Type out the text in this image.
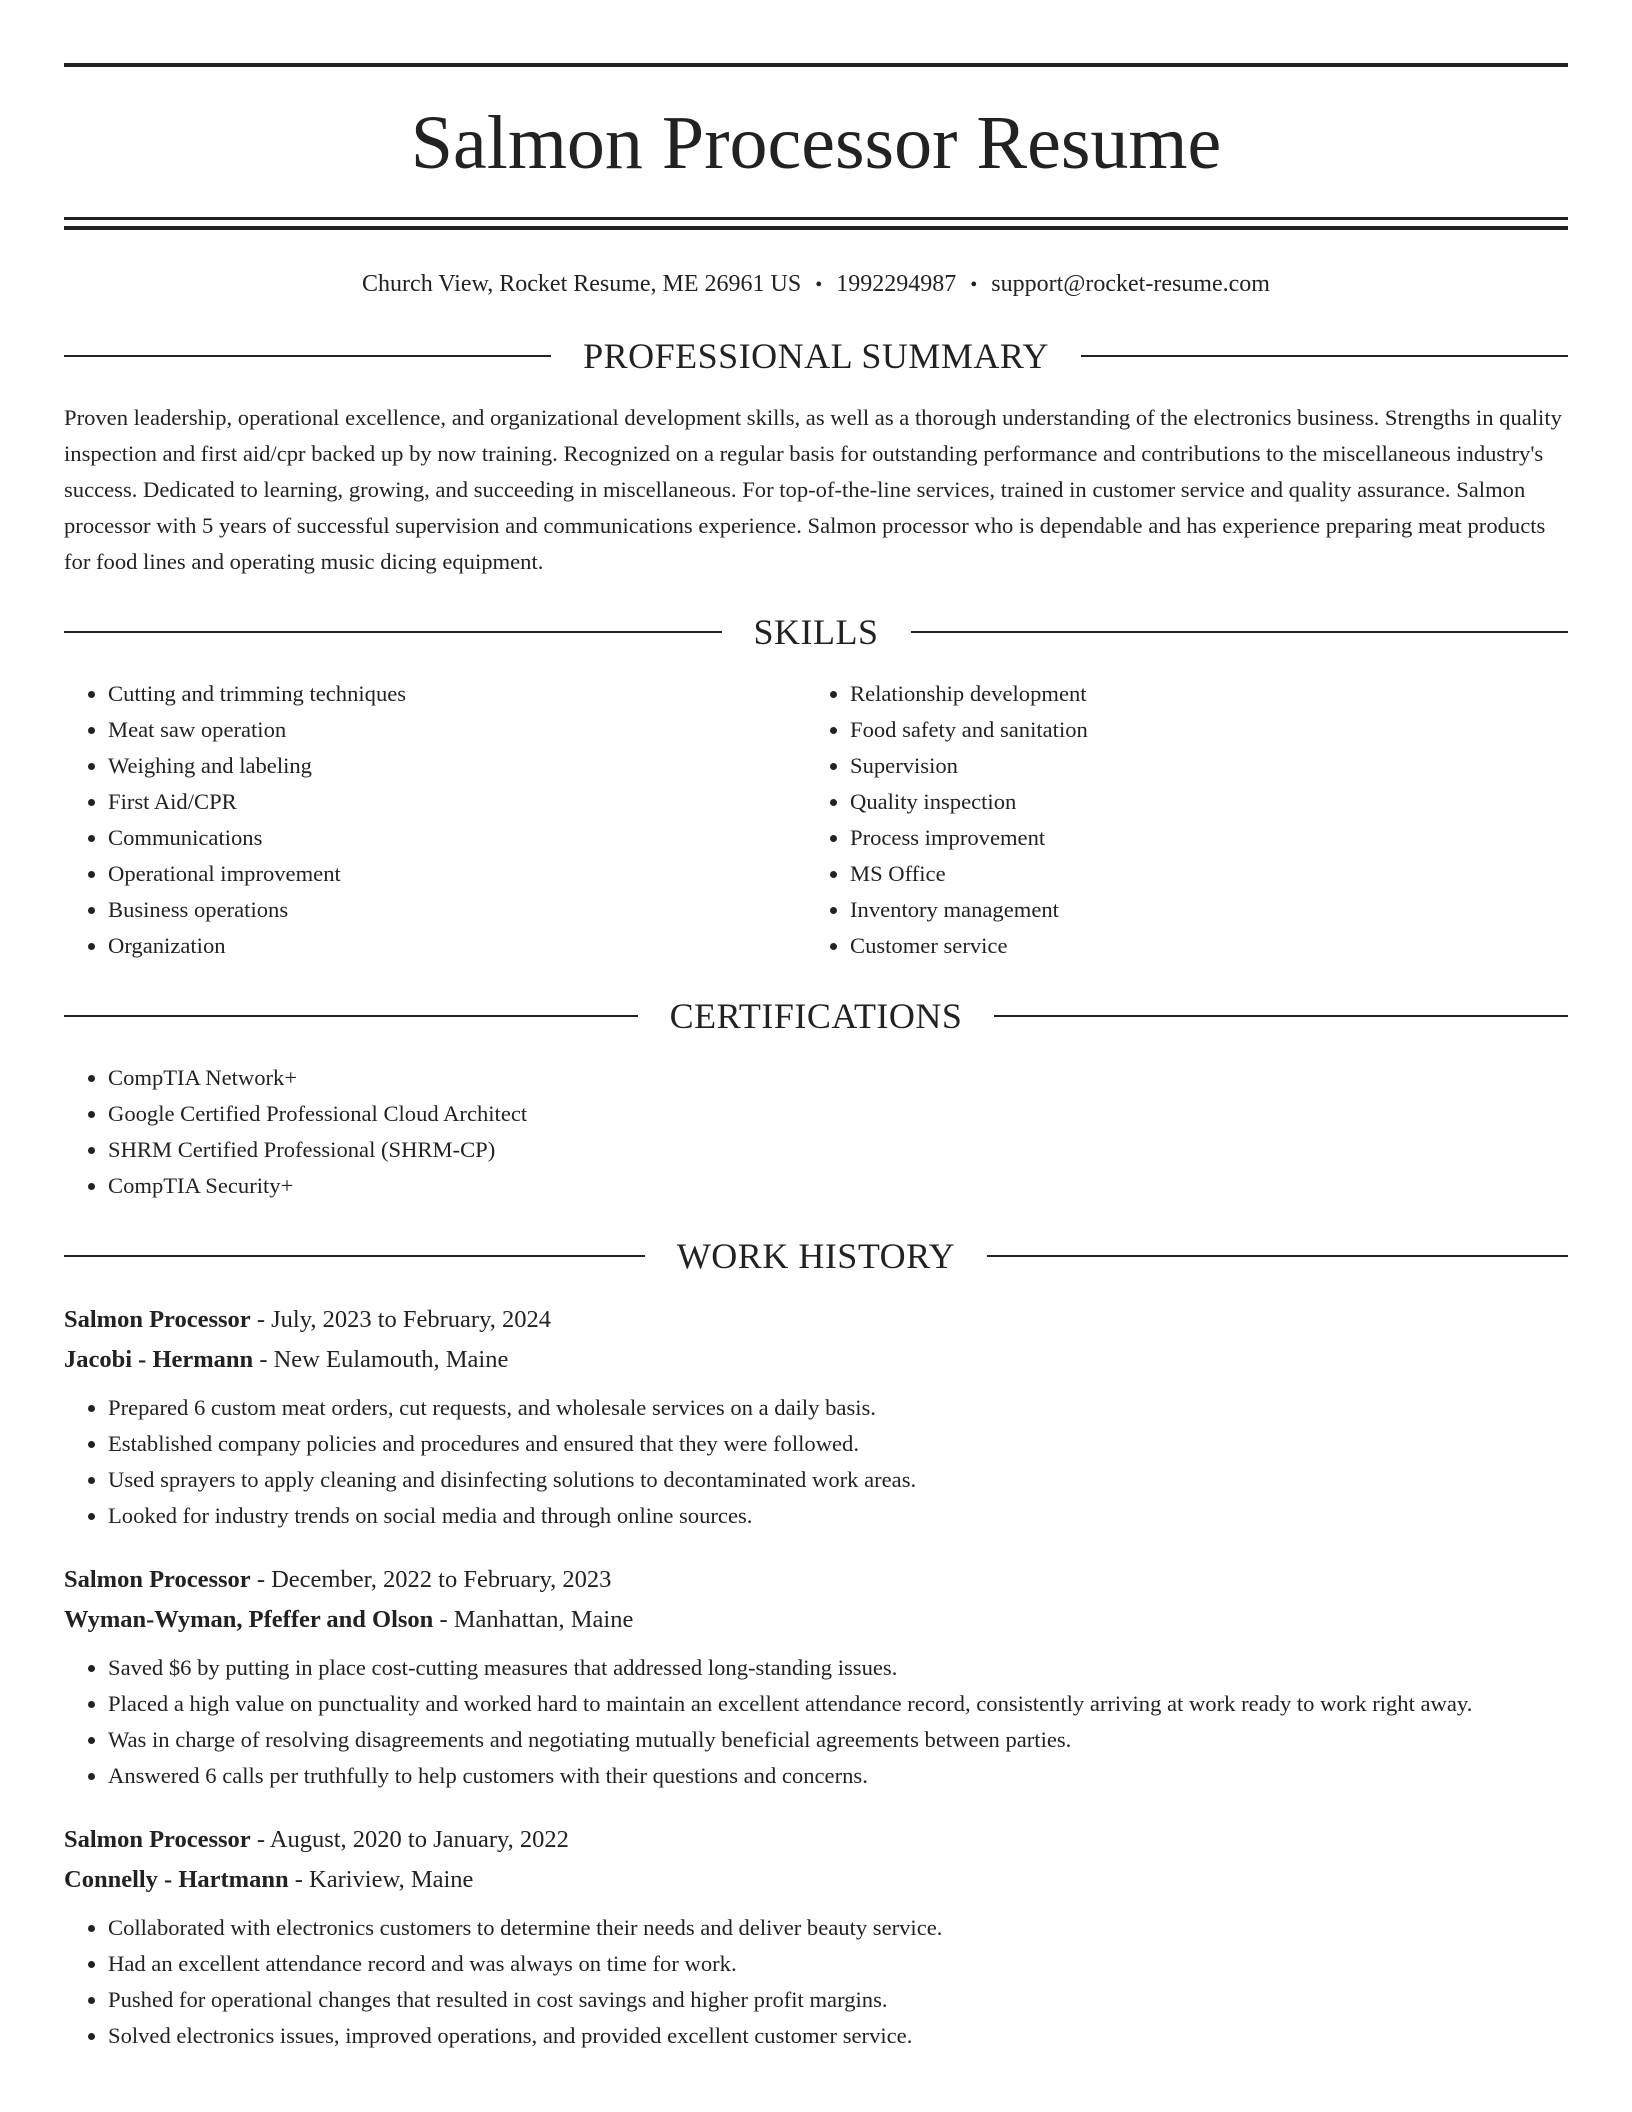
Salmon Processor Resume
Church View, Rocket Resume, ME 26961 US • 1992294987 • support@rocket-resume.com
PROFESSIONAL SUMMARY

Proven leadership, operational excellence, and organizational development skills, as well as a thorough understanding of the electronics business. Strengths in quality inspection and first aid/cpr backed up by now training. Recognized on a regular basis for outstanding performance and contributions to the miscellaneous industry's success. Dedicated to learning, growing, and succeeding in miscellaneous. For top-of-the-line services, trained in customer service and quality assurance. Salmon processor with 5 years of successful supervision and communications experience. Salmon processor who is dependable and has experience preparing meat products for food lines and operating music dicing equipment.

SKILLS
• Cutting and trimming techniques
• Meat saw operation
• Weighing and labeling
• First Aid/CPR
• Communications
• Operational improvement
• Business operations
• Organization
• Relationship development
• Food safety and sanitation
• Supervision
• Quality inspection
• Process improvement
• MS Office
• Inventory management
• Customer service
CERTIFICATIONS
• CompTIA Network+
• Google Certified Professional Cloud Architect
• SHRM Certified Professional (SHRM-CP)
• CompTIA Security+
WORK HISTORY
Salmon Processor - July, 2023 to February, 2024
Jacobi - Hermann - New Eulamouth, Maine
• Prepared 6 custom meat orders, cut requests, and wholesale services on a daily basis.
• Established company policies and procedures and ensured that they were followed.
• Used sprayers to apply cleaning and disinfecting solutions to decontaminated work areas.
• Looked for industry trends on social media and through online sources.
Salmon Processor - December, 2022 to February, 2023
Wyman-Wyman, Pfeffer and Olson - Manhattan, Maine
• Saved $6 by putting in place cost-cutting measures that addressed long-standing issues.
• Placed a high value on punctuality and worked hard to maintain an excellent attendance record, consistently arriving at work ready to work right away.
• Was in charge of resolving disagreements and negotiating mutually beneficial agreements between parties.
• Answered 6 calls per truthfully to help customers with their questions and concerns.
Salmon Processor - August, 2020 to January, 2022
Connelly - Hartmann - Kariview, Maine
• Collaborated with electronics customers to determine their needs and deliver beauty service.
• Had an excellent attendance record and was always on time for work.
• Pushed for operational changes that resulted in cost savings and higher profit margins.
• Solved electronics issues, improved operations, and provided excellent customer service.
